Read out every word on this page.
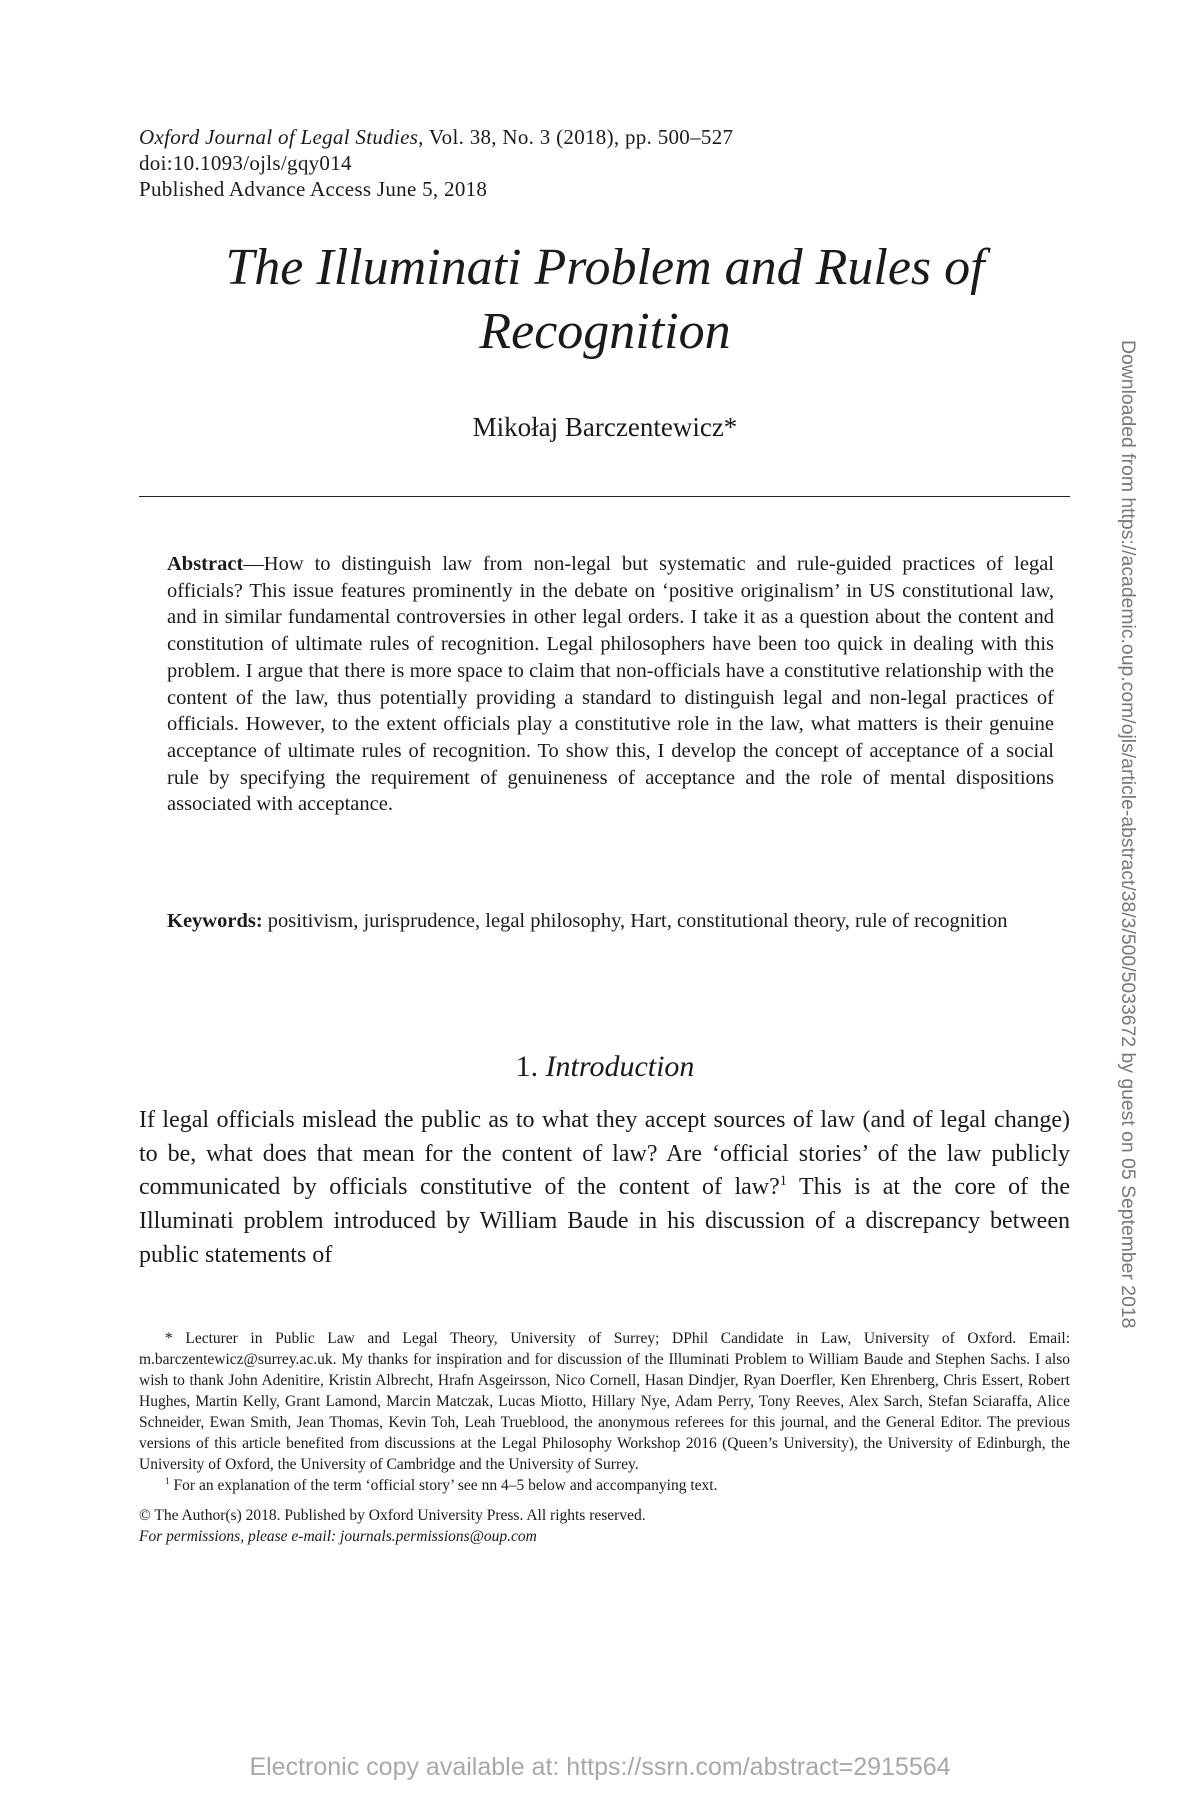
Oxford Journal of Legal Studies, Vol. 38, No. 3 (2018), pp. 500–527
doi:10.1093/ojls/gqy014
Published Advance Access June 5, 2018
The Illuminati Problem and Rules of Recognition
Mikołaj Barczentewicz*

Abstract—How to distinguish law from non-legal but systematic and rule-guided practices of legal officials? This issue features prominently in the debate on ‘positive originalism’ in US constitutional law, and in similar fundamental controversies in other legal orders. I take it as a question about the content and constitution of ultimate rules of recognition. Legal philosophers have been too quick in dealing with this problem. I argue that there is more space to claim that non-officials have a constitutive relationship with the content of the law, thus potentially providing a standard to distinguish legal and non-legal practices of officials. However, to the extent officials play a constitutive role in the law, what matters is their genuine acceptance of ultimate rules of recognition. To show this, I develop the concept of acceptance of a social rule by specifying the requirement of genuineness of acceptance and the role of mental dispositions associated with acceptance.

Keywords: positivism, jurisprudence, legal philosophy, Hart, constitutional theory, rule of recognition

1. Introduction

If legal officials mislead the public as to what they accept sources of law (and of legal change) to be, what does that mean for the content of law? Are ‘official stories’ of the law publicly communicated by officials constitutive of the content of law?$^1$ This is at the core of the Illuminati problem introduced by William Baude in his discussion of a discrepancy between public statements of

* Lecturer in Public Law and Legal Theory, University of Surrey; DPhil Candidate in Law, University of Oxford. Email: m.barczentewicz@surrey.ac.uk. My thanks for inspiration and for discussion of the Illuminati Problem to William Baude and Stephen Sachs. I also wish to thank John Adenitire, Kristin Albrecht, Hrafn Asgeirsson, Nico Cornell, Hasan Dindjer, Ryan Doerfler, Ken Ehrenberg, Chris Essert, Robert Hughes, Martin Kelly, Grant Lamond, Marcin Matczak, Lucas Miotto, Hillary Nye, Adam Perry, Tony Reeves, Alex Sarch, Stefan Sciaraffa, Alice Schneider, Ewan Smith, Jean Thomas, Kevin Toh, Leah Trueblood, the anonymous referees for this journal, and the General Editor. The previous versions of this article benefited from discussions at the Legal Philosophy Workshop 2016 (Queen’s University), the University of Edinburgh, the University of Oxford, the University of Cambridge and the University of Surrey.

$^1$ For an explanation of the term ‘official story’ see nn 4–5 below and accompanying text.

© The Author(s) 2018. Published by Oxford University Press. All rights reserved.
For permissions, please e-mail: journals.permissions@oup.com
Downloaded from https://academic.oup.com/ojls/article-abstract/38/3/500/5033672 by guest on 05 September 2018
Electronic copy available at: https://ssrn.com/abstract=2915564
